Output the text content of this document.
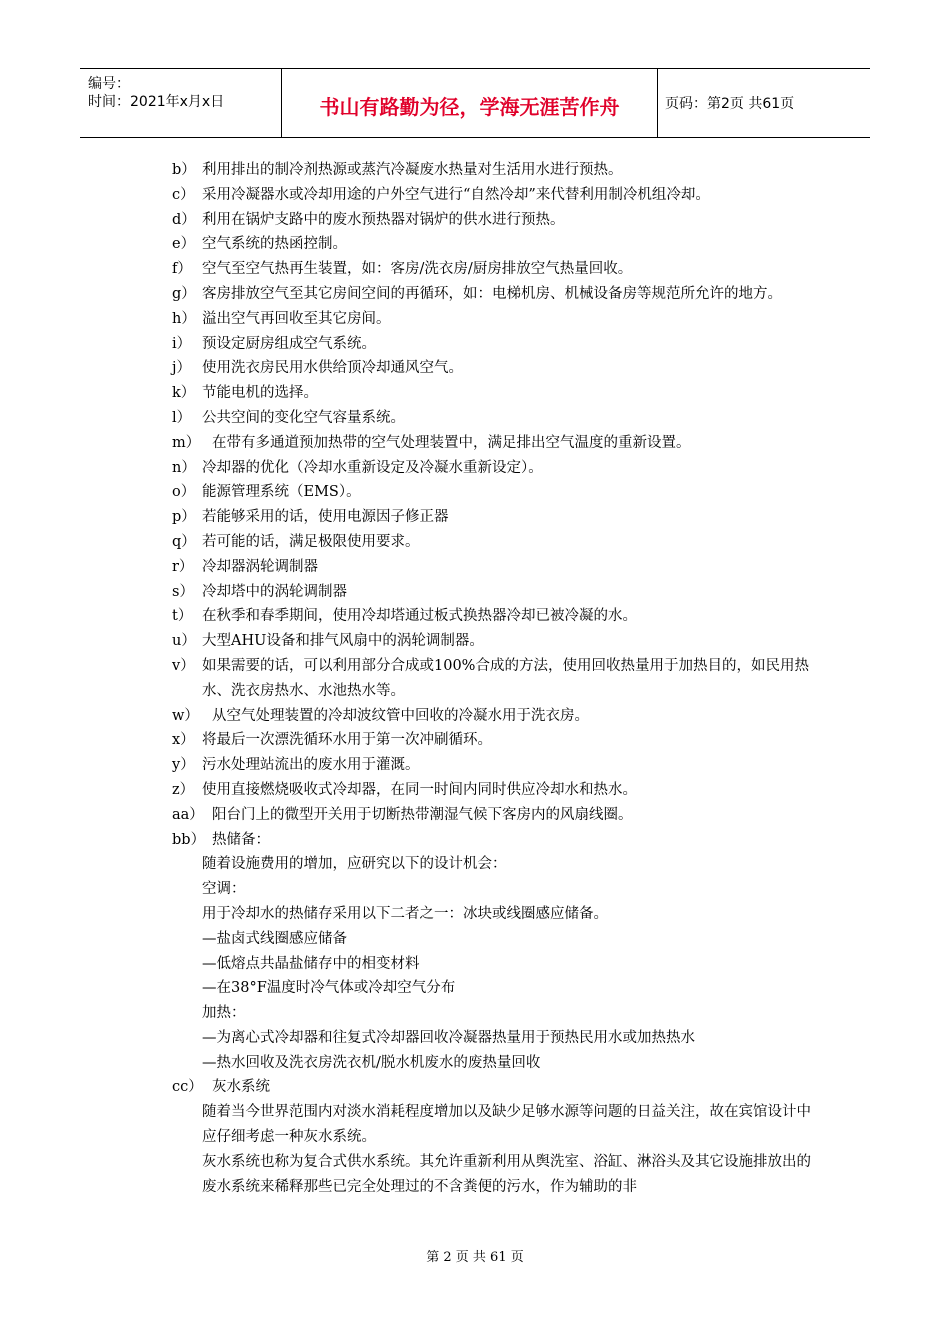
编号：
时间：2021年x月x日	书山有路勤为径，学海无涯苦作舟	页码：第2页 共61页
b） 利用排出的制冷剂热源或蒸汽冷凝废水热量对生活用水进行预热。
c） 采用冷凝器水或冷却用途的户外空气进行“自然冷却”来代替利用制冷机组冷却。
d） 利用在锅炉支路中的废水预热器对锅炉的供水进行预热。
e） 空气系统的热函控制。
f） 空气至空气热再生装置，如：客房/洗衣房/厨房排放空气热量回收。
g） 客房排放空气至其它房间空间的再循环，如：电梯机房、机械设备房等规范所允许的地方。
h） 溢出空气再回收至其它房间。
i） 预设定厨房组成空气系统。
j） 使用洗衣房民用水供给顶冷却通风空气。
k） 节能电机的选择。
l） 公共空间的变化空气容量系统。
m） 在带有多通道预加热带的空气处理装置中，满足排出空气温度的重新设置。
n） 冷却器的优化（冷却水重新设定及冷凝水重新设定）。
o） 能源管理系统（EMS）。
p） 若能够采用的话，使用电源因子修正器
q） 若可能的话，满足极限使用要求。
r） 冷却器涡轮调制器
s） 冷却塔中的涡轮调制器
t） 在秋季和春季期间，使用冷却塔通过板式换热器冷却已被冷凝的水。
u） 大型AHU设备和排气风扇中的涡轮调制器。
v） 如果需要的话，可以利用部分合成或100%合成的方法，使用回收热量用于加热目的，如民用热水、洗衣房热水、水池热水等。
w） 从空气处理装置的冷却波纹管中回收的冷凝水用于洗衣房。
x） 将最后一次漂洗循环水用于第一次冲刷循环。
y） 污水处理站流出的废水用于灌溉。
z） 使用直接燃烧吸收式冷却器，在同一时间内同时供应冷却水和热水。
aa） 阳台门上的微型开关用于切断热带潮湿气候下客房内的风扇线圈。
bb） 热储备：
随着设施费用的增加，应研究以下的设计机会：
空调：
用于冷却水的热储存采用以下二者之一：冰块或线圈感应储备。
—盐卤式线圈感应储备
—低熔点共晶盐储存中的相变材料
—在38°F温度时冷气体或冷却空气分布
加热：
—为离心式冷却器和往复式冷却器回收冷凝器热量用于预热民用水或加热热水
—热水回收及洗衣房洗衣机/脱水机废水的废热量回收
cc） 灰水系统
随着当今世界范围内对淡水消耗程度增加以及缺少足够水源等问题的日益关注，故在宾馆设计中应仔细考虑一种灰水系统。
灰水系统也称为复合式供水系统。其允许重新利用从舆洗室、浴缸、淋浴头及其它设施排放出的废水系统来稀释那些已完全处理过的不含粪便的污水，作为辅助的非
第 2 页 共 61 页
